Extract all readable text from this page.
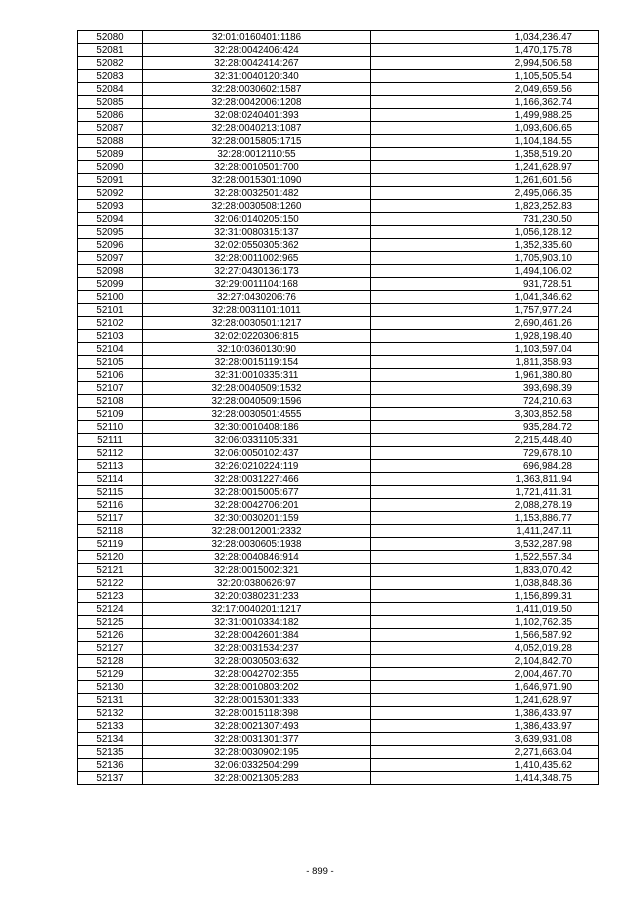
52080	32:01:0160401:1186	1,034,236.47
52081	32:28:0042406:424	1,470,175.78
52082	32:28:0042414:267	2,994,506.58
52083	32:31:0040120:340	1,105,505.54
52084	32:28:0030602:1587	2,049,659.56
52085	32:28:0042006:1208	1,166,362.74
52086	32:08:0240401:393	1,499,988.25
52087	32:28:0040213:1087	1,093,606.65
52088	32:28:0015805:1715	1,104,184.55
52089	32:28:0012110:55	1,358,519.20
52090	32:28:0010501:700	1,241,628.97
52091	32:28:0015301:1090	1,261,601.56
52092	32:28:0032501:482	2,495,066.35
52093	32:28:0030508:1260	1,823,252.83
52094	32:06:0140205:150	731,230.50
52095	32:31:0080315:137	1,056,128.12
52096	32:02:0550305:362	1,352,335.60
52097	32:28:0011002:965	1,705,903.10
52098	32:27:0430136:173	1,494,106.02
52099	32:29:0011104:168	931,728.51
52100	32:27:0430206:76	1,041,346.62
52101	32:28:0031101:1011	1,757,977.24
52102	32:28:0030501:1217	2,690,461.26
52103	32:02:0220306:815	1,928,198.40
52104	32:10:0360130:90	1,103,597.04
52105	32:28:0015119:154	1,811,358.93
52106	32:31:0010335:311	1,961,380.80
52107	32:28:0040509:1532	393,698.39
52108	32:28:0040509:1596	724,210.63
52109	32:28:0030501:4555	3,303,852.58
52110	32:30:0010408:186	935,284.72
52111	32:06:0331105:331	2,215,448.40
52112	32:06:0050102:437	729,678.10
52113	32:26:0210224:119	696,984.28
52114	32:28:0031227:466	1,363,811.94
52115	32:28:0015005:677	1,721,411.31
52116	32:28:0042706:201	2,088,278.19
52117	32:30:0030201:159	1,153,886.77
52118	32:28:0012001:2332	1,411,247.11
52119	32:28:0030605:1938	3,532,287.98
52120	32:28:0040846:914	1,522,557.34
52121	32:28:0015002:321	1,833,070.42
52122	32:20:0380626:97	1,038,848.36
52123	32:20:0380231:233	1,156,899.31
52124	32:17:0040201:1217	1,411,019.50
52125	32:31:0010334:182	1,102,762.35
52126	32:28:0042601:384	1,566,587.92
52127	32:28:0031534:237	4,052,019.28
52128	32:28:0030503:632	2,104,842.70
52129	32:28:0042702:355	2,004,467.70
52130	32:28:0010803:202	1,646,971.90
52131	32:28:0015301:333	1,241,628.97
52132	32:28:0015118:398	1,386,433.97
52133	32:28:0021307:493	1,386,433.97
52134	32:28:0031301:377	3,639,931.08
52135	32:28:0030902:195	2,271,663.04
52136	32:06:0332504:299	1,410,435.62
52137	32:28:0021305:283	1,414,348.75
- 899 -
